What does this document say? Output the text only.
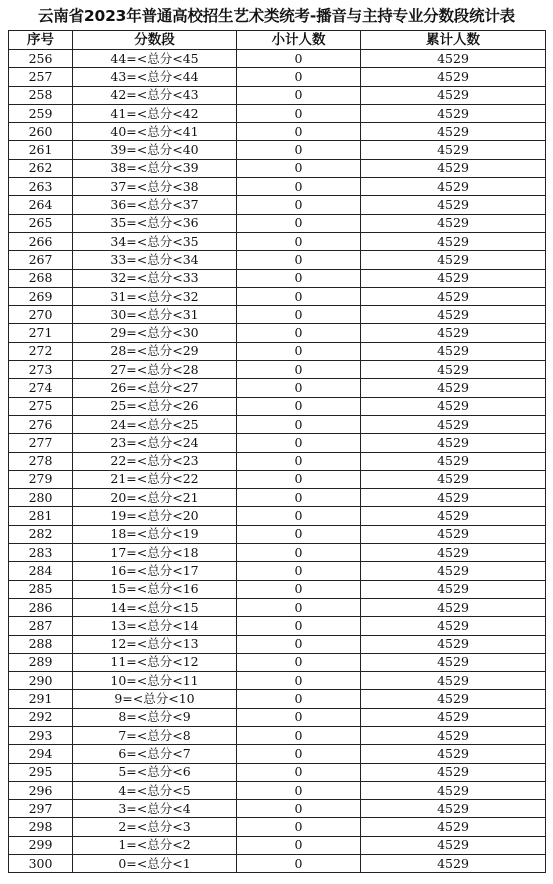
云南省2023年普通高校招生艺术类统考-播音与主持专业分数段统计表
序号	分数段	小计人数	累计人数
256	44=<总分<45	0	4529
257	43=<总分<44	0	4529
258	42=<总分<43	0	4529
259	41=<总分<42	0	4529
260	40=<总分<41	0	4529
261	39=<总分<40	0	4529
262	38=<总分<39	0	4529
263	37=<总分<38	0	4529
264	36=<总分<37	0	4529
265	35=<总分<36	0	4529
266	34=<总分<35	0	4529
267	33=<总分<34	0	4529
268	32=<总分<33	0	4529
269	31=<总分<32	0	4529
270	30=<总分<31	0	4529
271	29=<总分<30	0	4529
272	28=<总分<29	0	4529
273	27=<总分<28	0	4529
274	26=<总分<27	0	4529
275	25=<总分<26	0	4529
276	24=<总分<25	0	4529
277	23=<总分<24	0	4529
278	22=<总分<23	0	4529
279	21=<总分<22	0	4529
280	20=<总分<21	0	4529
281	19=<总分<20	0	4529
282	18=<总分<19	0	4529
283	17=<总分<18	0	4529
284	16=<总分<17	0	4529
285	15=<总分<16	0	4529
286	14=<总分<15	0	4529
287	13=<总分<14	0	4529
288	12=<总分<13	0	4529
289	11=<总分<12	0	4529
290	10=<总分<11	0	4529
291	9=<总分<10	0	4529
292	8=<总分<9	0	4529
293	7=<总分<8	0	4529
294	6=<总分<7	0	4529
295	5=<总分<6	0	4529
296	4=<总分<5	0	4529
297	3=<总分<4	0	4529
298	2=<总分<3	0	4529
299	1=<总分<2	0	4529
300	0=<总分<1	0	4529
